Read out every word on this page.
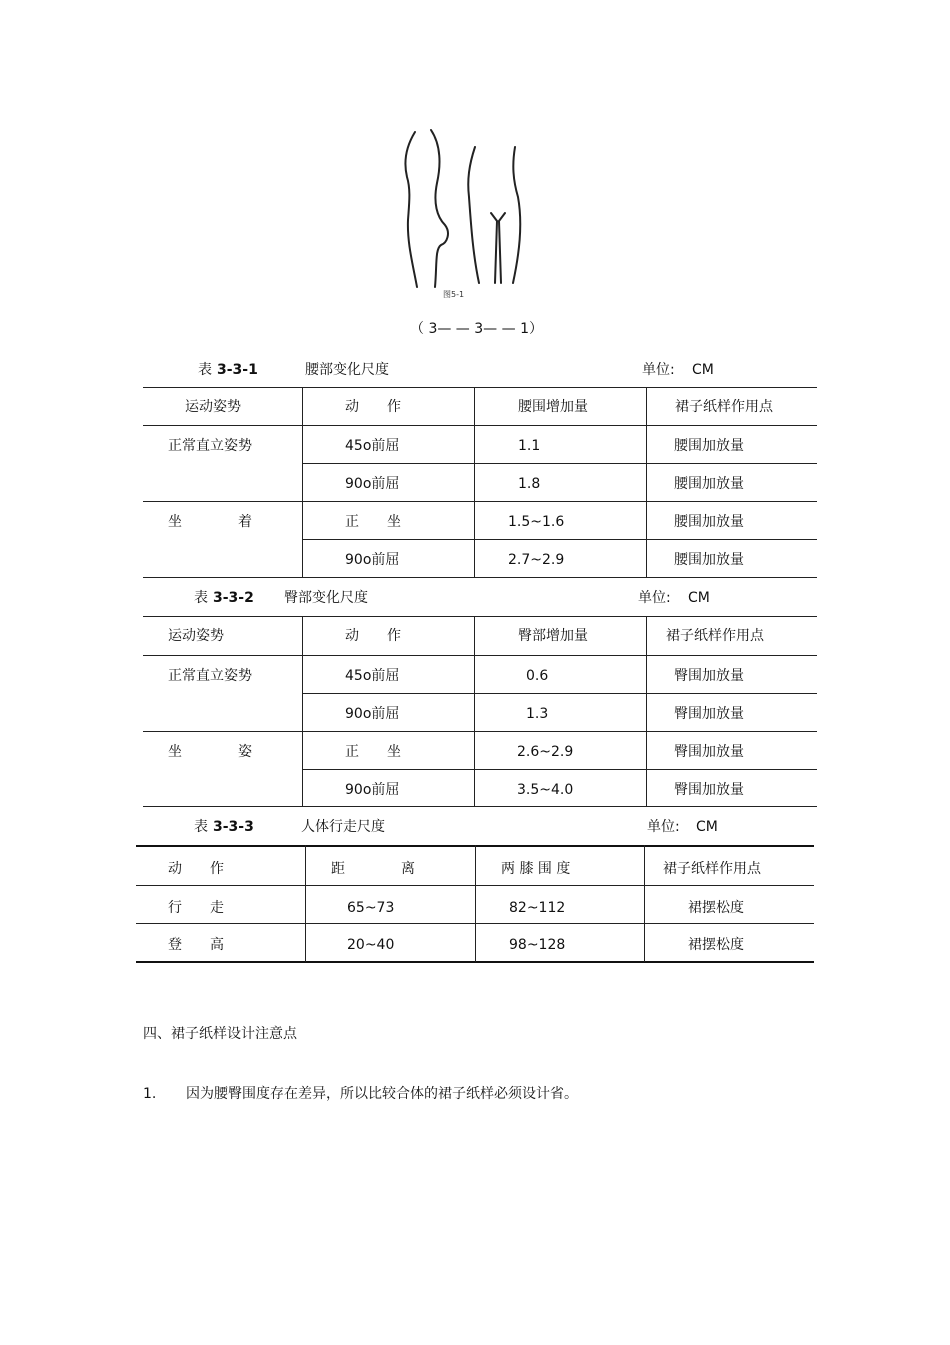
图5-1
（ 3— — 3— — 1）
表 3-3-1	腰部变化尺度	单位: CM
运动姿势	动　　作	腰围增加量	裙子纸样作用点
正常直立姿势	45o前屈	1.1	腰围加放量
90o前屈	1.8	腰围加放量
坐　　　　着	正　　坐	1.5~1.6	腰围加放量
90o前屈	2.7~2.9	腰围加放量
表 3-3-2 臀部变化尺度	单位: CM
运动姿势	动　　作	臀部增加量	裙子纸样作用点
正常直立姿势	45o前屈	0.6	臀围加放量
90o前屈	1.3	臀围加放量
坐　　　　姿	正　　坐	2.6~2.9	臀围加放量
90o前屈	3.5~4.0	臀围加放量
表 3-3-3	人体行走尺度	单位: CM
动　　作	距　　　　离	两 膝 围 度	裙子纸样作用点
行　　走	65~73	82~112	裙摆松度
登　　高	20~40	98~128	裙摆松度
四、裙子纸样设计注意点
1. 因为腰臀围度存在差异，所以比较合体的裙子纸样必须设计省。
